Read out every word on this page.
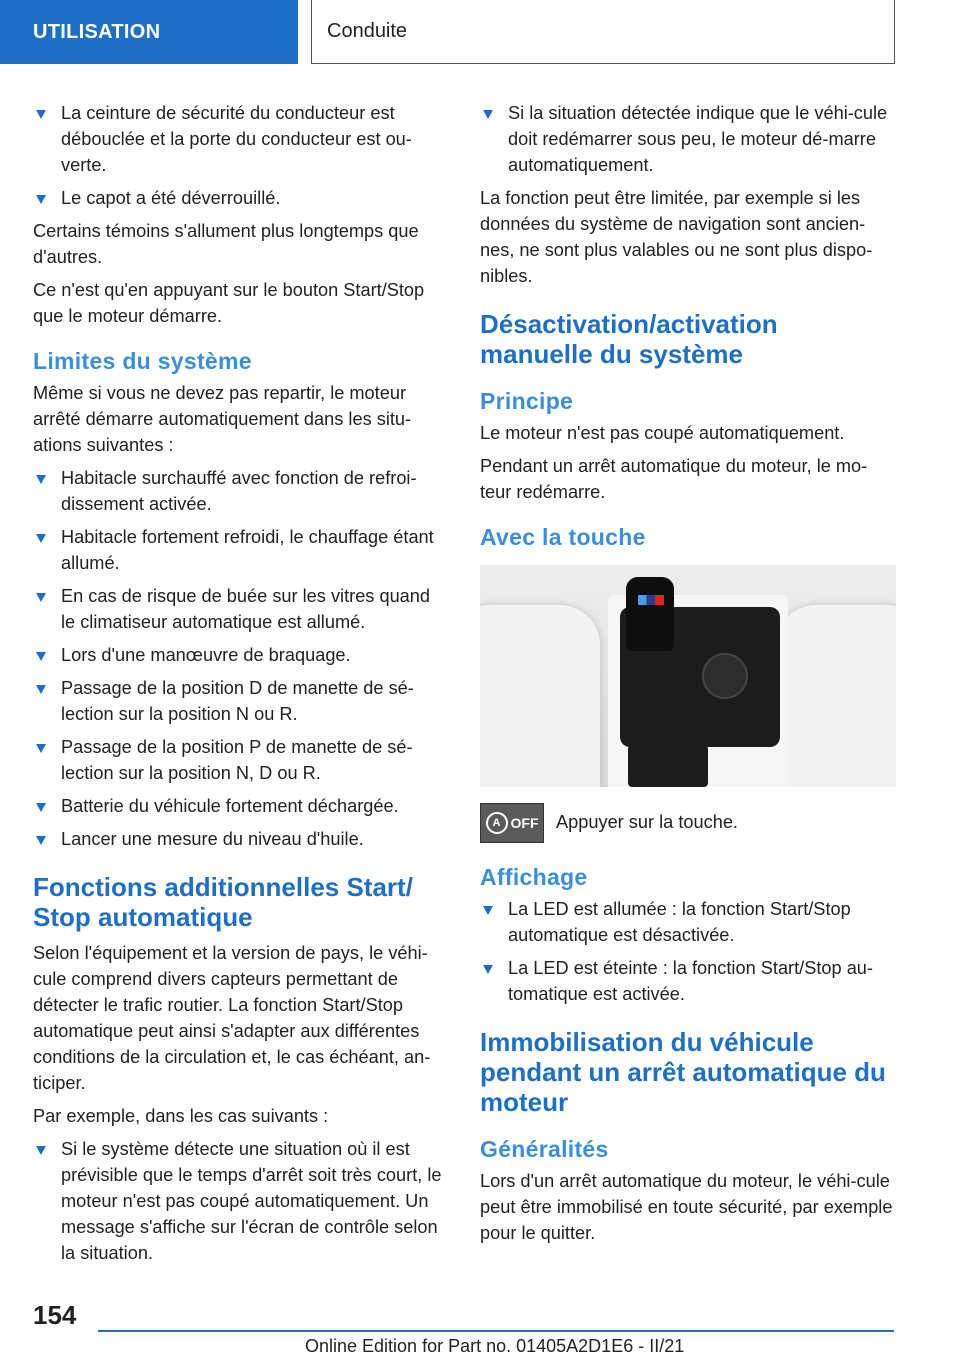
UTILISATION	Conduite
La ceinture de sécurité du conducteur est débouclée et la porte du conducteur est ou-verte.
Le capot a été déverrouillé.

Certains témoins s'allument plus longtemps que d'autres.

Ce n'est qu'en appuyant sur le bouton Start/Stop que le moteur démarre.

Limites du système

Même si vous ne devez pas repartir, le moteur arrêté démarre automatiquement dans les situ-ations suivantes :

Habitacle surchauffé avec fonction de refroi-dissement activée.
Habitacle fortement refroidi, le chauffage étant allumé.
En cas de risque de buée sur les vitres quand le climatiseur automatique est allumé.
Lors d'une manœuvre de braquage.
Passage de la position D de manette de sé-lection sur la position N ou R.
Passage de la position P de manette de sé-lection sur la position N, D ou R.
Batterie du véhicule fortement déchargée.
Lancer une mesure du niveau d'huile.
Fonctions additionnelles Start/ Stop automatique

Selon l'équipement et la version de pays, le véhi-cule comprend divers capteurs permettant de détecter le trafic routier. La fonction Start/Stop automatique peut ainsi s'adapter aux différentes conditions de la circulation et, le cas échéant, an-ticiper.

Par exemple, dans les cas suivants :

Si le système détecte une situation où il est prévisible que le temps d'arrêt soit très court, le moteur n'est pas coupé automatiquement. Un message s'affiche sur l'écran de contrôle selon la situation.
Si la situation détectée indique que le véhi-cule doit redémarrer sous peu, le moteur dé-marre automatiquement.

La fonction peut être limitée, par exemple si les données du système de navigation sont ancien-nes, ne sont plus valables ou ne sont plus dispo-nibles.

Désactivation/activation manuelle du système
Principe

Le moteur n'est pas coupé automatiquement.

Pendant un arrêt automatique du moteur, le mo-teur redémarre.

Avec la touche
A OFF Appuyer sur la touche.

Affichage
La LED est allumée : la fonction Start/Stop automatique est désactivée.
La LED est éteinte : la fonction Start/Stop au-tomatique est activée.
Immobilisation du véhicule pendant un arrêt automatique du moteur
Généralités

Lors d'un arrêt automatique du moteur, le véhi-cule peut être immobilisé en toute sécurité, par exemple pour le quitter.

154
Online Edition for Part no. 01405A2D1E6 - II/21
